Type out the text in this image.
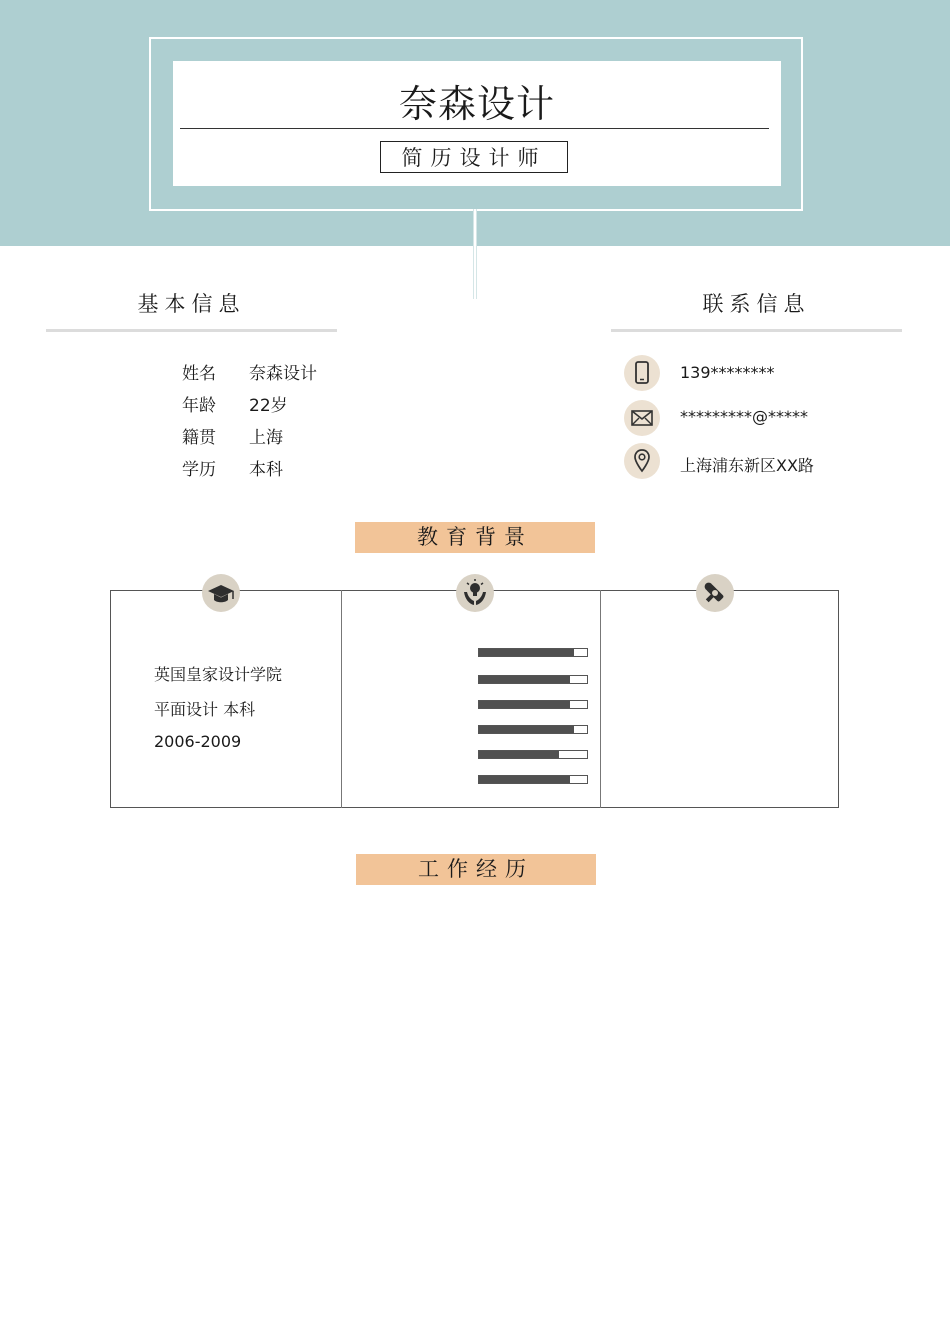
奈森设计
简历设计师
基本信息
姓名 奈森设计
年龄 22岁
籍贯 上海
学历 本科
联系信息
139********
*********@*****
上海浦东新区XX路
教育背景
英国皇家设计学院
平面设计 本科
2006-2009
工作经历
